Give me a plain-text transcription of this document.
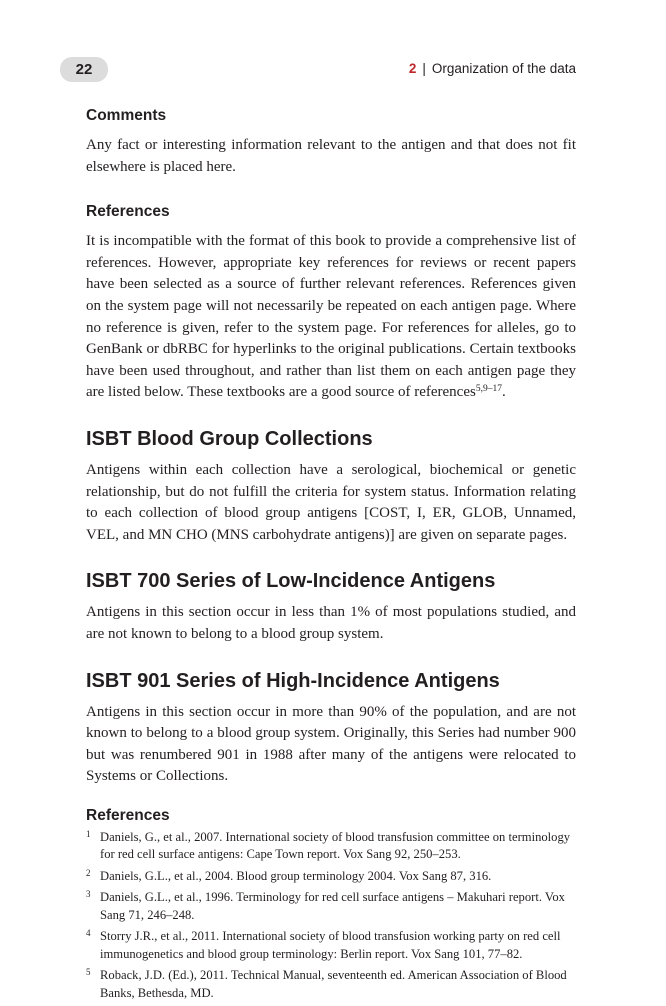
22	2 | Organization of the data
Comments

Any fact or interesting information relevant to the antigen and that does not fit elsewhere is placed here.

References

It is incompatible with the format of this book to provide a comprehensive list of references. However, appropriate key references for reviews or recent papers have been selected as a source of further relevant references. References given on the system page will not necessarily be repeated on each antigen page. Where no reference is given, refer to the system page. For references for alleles, go to GenBank or dbRBC for hyperlinks to the original publications. Certain textbooks have been used throughout, and rather than list them on each antigen page they are listed below. These textbooks are a good source of references$^{5,9-17}$.

ISBT Blood Group Collections

Antigens within each collection have a serological, biochemical or genetic relationship, but do not fulfill the criteria for system status. Information relating to each collection of blood group antigens [COST, I, ER, GLOB, Unnamed, VEL, and MN CHO (MNS carbohydrate antigens)] are given on separate pages.

ISBT 700 Series of Low-Incidence Antigens

Antigens in this section occur in less than 1% of most populations studied, and are not known to belong to a blood group system.

ISBT 901 Series of High-Incidence Antigens

Antigens in this section occur in more than 90% of the population, and are not known to belong to a blood group system. Originally, this Series had number 900 but was renumbered 901 in 1988 after many of the antigens were relocated to Systems or Collections.

References
1 Daniels, G., et al., 2007. International society of blood transfusion committee on terminology for red cell surface antigens: Cape Town report. Vox Sang 92, 250–253.
2 Daniels, G.L., et al., 2004. Blood group terminology 2004. Vox Sang 87, 316.
3 Daniels, G.L., et al., 1996. Terminology for red cell surface antigens – Makuhari report. Vox Sang 71, 246–248.
4 Storry J.R., et al., 2011. International society of blood transfusion working party on red cell immunogenetics and blood group terminology: Berlin report. Vox Sang 101, 77–82.
5 Roback, J.D. (Ed.), 2011. Technical Manual, seventeenth ed. American Association of Blood Banks, Bethesda, MD.
